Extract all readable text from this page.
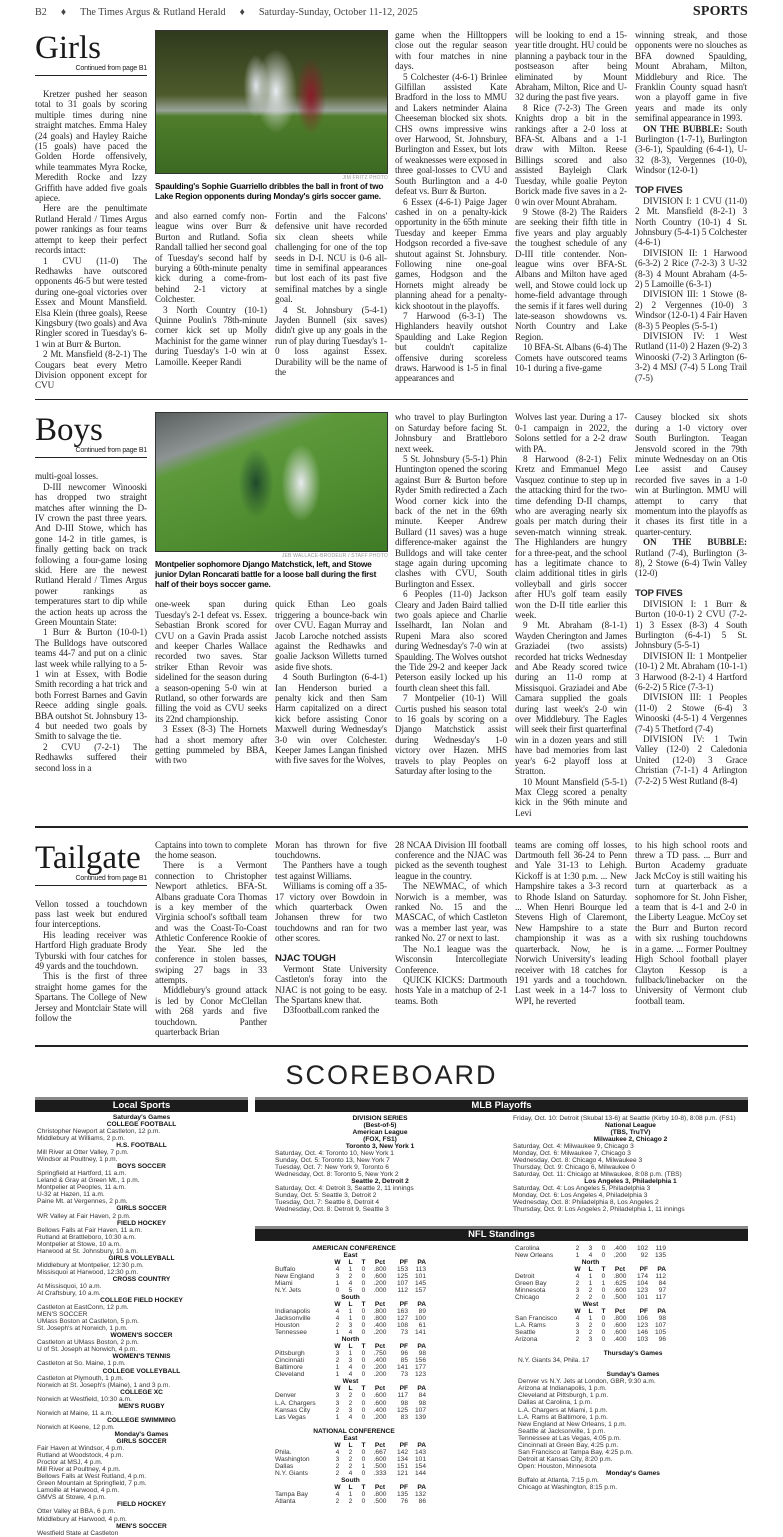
B2 ♦ The Times Argus & Rutland Herald ♦ Saturday-Sunday, October 11-12, 2025	SPORTS
Girls
Continued from page B1

Kretzer pushed her season total to 31 goals by scoring multiple times during nine straight matches. Emma Haley (24 goals) and Hayley Raiche (15 goals) have paced the Golden Horde offensively, while teammates Myra Rocke, Meredith Rocke and Izzy Griffith have added five goals apiece.

Here are the penultimate Rutland Herald / Times Argus power rankings as four teams attempt to keep their perfect records intact:

1 CVU (11-0) The Redhawks have outscored opponents 46-5 but were tested during one-goal victories over Essex and Mount Mansfield. Elsa Klein (three goals), Reese Kingsbury (two goals) and Ava Ringler scored in Tuesday's 6-1 win at Burr & Burton.

2 Mt. Mansfield (8-2-1) The Cougars beat every Metro Division opponent except for CVU

JIM FRITZ PHOTO
Spaulding's Sophie Guarriello dribbles the ball in front of two Lake Region opponents during Monday's girls soccer game.

and also earned comfy non-league wins over Burr & Burton and Rutland. Sofia Randall tallied her second goal of Tuesday's second half by burying a 60th-minute penalty kick during a come-from-behind 2-1 victory at Colchester.

3 North Country (10-1) Quinne Poulin's 78th-minute corner kick set up Molly Machinist for the game winner during Tuesday's 1-0 win at Lamoille. Keeper Randi

Fortin and the Falcons' defensive unit have recorded six clean sheets while challenging for one of the top seeds in D-I. NCU is 0-6 all-time in semifinal appearances but lost each of its past five semifinal matches by a single goal.

4 St. Johnsbury (5-4-1) Jayden Bunnell (six saves) didn't give up any goals in the run of play during Tuesday's 1-0 loss against Essex. Durability will be the name of the

game when the Hilltoppers close out the regular season with four matches in nine days.

5 Colchester (4-6-1) Brinlee Gilfillan assisted Kate Bradford in the loss to MMU and Lakers netminder Alaina Cheeseman blocked six shots. CHS owns impressive wins over Harwood, St. Johnsbury, Burlington and Essex, but lots of weaknesses were exposed in three goal-losses to CVU and South Burlington and a 4-0 defeat vs. Burr & Burton.

6 Essex (4-6-1) Paige Jager cashed in on a penalty-kick opportunity in the 65th minute Tuesday and keeper Emma Hodgson recorded a five-save shutout against St. Johnsbury. Following nine one-goal games, Hodgson and the Hornets might already be planning ahead for a penalty-kick shootout in the playoffs.

7 Harwood (6-3-1) The Highlanders heavily outshot Spaulding and Lake Region but couldn't capitalize offensive during scoreless draws. Harwood is 1-5 in final appearances and

will be looking to end a 15-year title drought. HU could be planning a payback tour in the postseason after being eliminated by Mount Abraham, Milton, Rice and U-32 during the past five years.

8 Rice (7-2-3) The Green Knights drop a bit in the rankings after a 2-0 loss at BFA-St. Albans and a 1-1 draw with Milton. Reese Billings scored and also assisted Bayleigh Clark Tuesday, while goalie Peyton Borick made five saves in a 2-0 win over Mount Abraham.

9 Stowe (8-2) The Raiders are seeking their fifth title in five years and play arguably the toughest schedule of any D-III title contender. Non-league wins over BFA-St. Albans and Milton have aged well, and Stowe could lock up home-field advantage through the semis if it fares well during late-season showdowns vs. North Country and Lake Region.

10 BFA-St. Albans (6-4) The Comets have outscored teams 10-1 during a five-game

winning streak, and those opponents were no slouches as BFA downed Spaulding, Mount Abraham, Milton, Middlebury and Rice. The Franklin County squad hasn't won a playoff game in five years and made its only semifinal appearance in 1993.

ON THE BUBBLE: South Burlington (1-7-1), Burlington (3-6-1), Spaulding (6-4-1), U-32 (8-3), Vergennes (10-0), Windsor (12-0-1)

TOP FIVES

DIVISION I: 1 CVU (11-0) 2 Mt. Mansfield (8-2-1) 3 North Country (10-1) 4 St. Johnsbury (5-4-1) 5 Colchester (4-6-1)

DIVISION II: 1 Harwood (6-3-2) 2 Rice (7-2-3) 3 U-32 (8-3) 4 Mount Abraham (4-5-2) 5 Lamoille (6-3-1)

DIVISION III: 1 Stowe (8-2) 2 Vergennes (10-0) 3 Windsor (12-0-1) 4 Fair Haven (8-3) 5 Peoples (5-5-1)

DIVISION IV: 1 West Rutland (11-0) 2 Hazen (9-2) 3 Winooski (7-2) 3 Arlington (6-3-2) 4 MSJ (7-4) 5 Long Trail (7-5)

Boys
Continued from page B1

multi-goal losses.

D-III newcomer Winooski has dropped two straight matches after winning the D-IV crown the past three years. And D-III Stowe, which has gone 14-2 in title games, is finally getting back on track following a four-game losing skid. Here are the newest Rutland Herald / Times Argus power rankings as temperatures start to dip while the action heats up across the Green Mountain State:

1 Burr & Burton (10-0-1) The Bulldogs have outscored teams 44-7 and put on a clinic last week while rallying to a 5-1 win at Essex, with Bodie Smith recording a hat trick and both Forrest Barnes and Gavin Reece adding single goals. BBA outshot St. Johnsbury 13-4 but needed two goals by Smith to salvage the tie.

2 CVU (7-2-1) The Redhawks suffered their second loss in a

JEB WALLACE-BRODEUR / STAFF PHOTO
Montpelier sophomore Django Matchstick, left, and Stowe junior Dylan Roncarati battle for a loose ball during the first half of their boys soccer game.

one-week span during Tuesday's 2-1 defeat vs. Essex. Sebastian Bronk scored for CVU on a Gavin Prada assist and keeper Charles Wallace recorded two saves. Star striker Ethan Revoir was sidelined for the season during a season-opening 5-0 win at Rutland, so other forwards are filling the void as CVU seeks its 22nd championship.

3 Essex (8-3) The Hornets had a short memory after getting pummeled by BBA, with two

quick Ethan Leo goals triggering a bounce-back win over CVU. Eagan Murray and Jacob Laroche notched assists against the Redhawks and goalie Jackson Willetts turned aside five shots.

4 South Burlington (6-4-1) Ian Henderson buried a penalty kick and then Sam Harm capitalized on a direct kick before assisting Conor Maxwell during Wednesday's 3-0 win over Colchester. Keeper James Langan finished with five saves for the Wolves,

who travel to play Burlington on Saturday before facing St. Johnsbury and Brattleboro next week.

5 St. Johnsbury (5-5-1) Phin Huntington opened the scoring against Burr & Burton before Ryder Smith redirected a Zach Wood corner kick into the back of the net in the 69th minute. Keeper Andrew Bullard (11 saves) was a huge difference-maker against the Bulldogs and will take center stage again during upcoming clashes with CVU, South Burlington and Essex.

6 Peoples (11-0) Jackson Cleary and Jaden Baird tallied two goals apiece and Charlie Isselhardt, Ian Nolan and Rupeni Mara also scored during Wednesday's 7-0 win at Spaulding. The Wolves outshot the Tide 29-2 and keeper Jack Peterson easily locked up his fourth clean sheet this fall.

7 Montpelier (10-1) Will Curtis pushed his season total to 16 goals by scoring on a Django Matchstick assist during Wednesday's 1-0 victory over Hazen. MHS travels to play Peoples on Saturday after losing to the

Wolves last year. During a 17-0-1 campaign in 2022, the Solons settled for a 2-2 draw with PA.

8 Harwood (8-2-1) Felix Kretz and Emmanuel Mego Vasquez continue to step up in the attacking third for the two-time defending D-II champs, who are averaging nearly six goals per match during their seven-match winning streak. The Highlanders are hungry for a three-peat, and the school has a legitimate chance to claim additional titles in girls volleyball and girls soccer after HU's golf team easily won the D-II title earlier this week.

9 Mt. Abraham (8-1-1) Wayden Cherington and James Graziadei (two assists) recorded hat tricks Wednesday and Abe Ready scored twice during an 11-0 romp at Missisquoi. Graziadei and Abe Camara supplied the goals during last week's 2-0 win over Middlebury. The Eagles will seek their first quarterfinal win in a dozen years and still have bad memories from last year's 6-2 playoff loss at Stratton.

10 Mount Mansfield (5-5-1) Max Clegg scored a penalty kick in the 96th minute and Levi

Causey blocked six shots during a 1-0 victory over South Burlington. Teagan Jensvold scored in the 79th minute Wednesday on an Otis Lee assist and Causey recorded five saves in a 1-0 win at Burlington. MMU will attempt to carry that momentum into the playoffs as it chases its first title in a quarter-century.

ON THE BUBBLE: Rutland (7-4), Burlington (3-8), 2 Stowe (6-4) Twin Valley (12-0)

TOP FIVES

DIVISION I: 1 Burr & Burton (10-0-1) 2 CVU (7-2-1) 3 Essex (8-3) 4 South Burlington (6-4-1) 5 St. Johnsbury (5-5-1)

DIVISION II: 1 Montpelier (10-1) 2 Mt. Abraham (10-1-1) 3 Harwood (8-2-1) 4 Hartford (6-2-2) 5 Rice (7-3-1)

DIVISION III: 1 Peoples (11-0) 2 Stowe (6-4) 3 Winooski (4-5-1) 4 Vergennes (7-4) 5 Thetford (7-4)

DIVISION IV: 1 Twin Valley (12-0) 2 Caledonia United (12-0) 3 Grace Christian (7-1-1) 4 Arlington (7-2-2) 5 West Rutland (8-4)

Tailgate
Continued from page B1

Vellon tossed a touchdown pass last week but endured four interceptions.

His leading receiver was Hartford High graduate Brody Tyburski with four catches for 49 yards and the touchdown.

This is the first of three straight home games for the Spartans. The College of New Jersey and Montclair State will follow the

Captains into town to complete the home season.

There is a Vermont connection to Christopher Newport athletics. BFA-St. Albans graduate Cora Thomas is a key member of the Virginia school's softball team and was the Coast-To-Coast Athletic Conference Rookie of the Year. She led the conference in stolen basses, swiping 27 bags in 33 attempts.

Middlebury's ground attack is led by Conor McClellan with 268 yards and five touchdown. Panther quarterback Brian

Moran has thrown for five touchdowns.

The Panthers have a tough test against Williams.

Williams is coming off a 35-17 victory over Bowdoin in which quarterback Owen Johansen threw for two touchdowns and ran for two other scores.

NJAC TOUGH

Vermont State University Castleton's foray into the NJAC is not going to be easy. The Spartans knew that.

D3football.com ranked the

28 NCAA Division III football conference and the NJAC was picked as the seventh toughest league in the country.

The NEWMAC, of which Norwich is a member, was ranked No. 15 and the MASCAC, of which Castleton was a member last year, was ranked No. 27 or next to last.

The No.1 league was the Wisconsin Intercollegiate Conference.

QUICK KICKS: Dartmouth hosts Yale in a matchup of 2-1 teams. Both

teams are coming off losses, Dartmouth fell 36-24 to Penn and Yale 31-13 to Lehigh. Kickoff is at 1:30 p.m. ... New Hampshire takes a 3-3 record to Rhode Island on Saturday. ... When Henri Bourque led Stevens High of Claremont, New Hampshire to a state championship it was as a quarterback. Now, he is Norwich University's leading receiver with 18 catches for 191 yards and a touchdown. Last week in a 14-7 loss to WPI, he reverted

to his high school roots and threw a TD pass. ... Burr and Burton Academy graduate Jack McCoy is still waiting his turn at quarterback as a sophomore for St. John Fisher, a team that is 4-1 and 2-0 in the Liberty League. McCoy set the Burr and Burton record with six rushing touchdowns in a game. ... Former Poultney High School football player Clayton Kessop is a fullback/linebacker on the University of Vermont club football team.

SCOREBOARD
Local Sports
Saturday's Games
COLLEGE FOOTBALL
Christopher Newport at Castleton, 12 p.m.
Middlebury at Williams, 2 p.m.
H.S. FOOTBALL
Mill River at Otter Valley, 7 p.m.
Windsor at Poultney, 1 p.m.
BOYS SOCCER
Springfield at Hartford, 11 a.m.
Leland & Gray at Green Mt., 1 p.m.
Montpelier at Peoples, 11 a.m.
U-32 at Hazen, 11 a.m.
Paine Mt. at Vergennes, 2 p.m.
GIRLS SOCCER
WR Valley at Fair Haven, 2 p.m.
FIELD HOCKEY
Bellows Falls at Fair Haven, 11 a.m.
Rutland at Brattleboro, 10:30 a.m.
Montpelier at Stowe, 10 a.m.
Harwood at St. Johnsbury, 10 a.m.
GIRLS VOLLEYBALL
Middlebury at Montpelier, 12:30 p.m.
Missisquoi at Harwood, 12:30 p.m.
CROSS COUNTRY
At Missisquoi, 10 a.m.
At Craftsbury, 10 a.m.
COLLEGE FIELD HOCKEY
Castleton at EastConn, 12 p.m.
MEN'S SOCCER
UMass Boston at Castleton, 5 p.m.
St. Joseph's at Norwich, 1 p.m.
WOMEN'S SOCCER
Castleton at UMass Boston, 2 p.m.
U of St. Joseph at Norwich, 4 p.m.
WOMEN'S TENNIS
Castleton at So. Maine, 1 p.m.
COLLEGE VOLLEYBALL
Castleton at Plymouth, 1 p.m.
Norwich at St. Joseph's (Maine), 1 and 3 p.m.
COLLEGE XC
Norwich at Westfield, 10:30 a.m.
MEN'S RUGBY
Norwich at Maine, 11 a.m.
COLLEGE SWIMMING
Norwich at Keene, 12 p.m.
Monday's Games
GIRLS SOCCER
Fair Haven at Windsor, 4 p.m.
Rutland at Woodstock, 4 p.m.
Proctor at MSJ, 4 p.m.
Mill River at Poultney, 4 p.m.
Bellows Falls at West Rutland, 4 p.m.
Green Mountain at Springfield, 7 p.m.
Lamoille at Harwood, 4 p.m.
GMVS at Stowe, 4 p.m.
FIELD HOCKEY
Otter Valley at BBA, 6 p.m.
Middlebury at Harwood, 4 p.m.
MEN'S SOCCER
Westfield State at Castleton
MLB Playoffs
DIVISION SERIES
(Best-of-5)
American League
(FOX, FS1)
Toronto 3, New York 1
Saturday, Oct. 4: Toronto 10, New York 1
Sunday, Oct. 5: Toronto 13, New York 7
Tuesday, Oct. 7: New York 9, Toronto 6
Wednesday, Oct. 8: Toronto 5, New York 2
Seattle 2, Detroit 2
Saturday, Oct. 4: Detroit 3, Seattle 2, 11 innings
Sunday, Oct. 5: Seattle 3, Detroit 2
Tuesday, Oct. 7: Seattle 8, Detroit 4
Wednesday, Oct. 8: Detroit 9, Seattle 3
Friday, Oct. 10: Detroit (Skubal 13-6) at Seattle (Kirby 10-8), 8:08 p.m. (FS1)
National League
(TBS, TruTV)
Milwaukee 2, Chicago 2
Saturday, Oct. 4: Milwaukee 9, Chicago 3
Monday, Oct. 6: Milwaukee 7, Chicago 3
Wednesday, Oct. 8: Chicago 4, Milwaukee 3
Thursday, Oct. 9: Chicago 6, Milwaukee 0
Saturday, Oct. 11: Chicago at Milwaukee, 8:08 p.m. (TBS)
Los Angeles 3, Philadelphia 1
Saturday, Oct. 4: Los Angeles 5, Philadelphia 3
Monday, Oct. 6: Los Angeles 4, Philadelphia 3
Wednesday, Oct. 8: Philadelphia 8, Los Angeles 2
Thursday, Oct. 9: Los Angeles 2, Philadelphia 1, 11 innings
NFL Standings
AMERICAN CONFERENCE
East						
	W	L	T	Pct	PF	PA
Buffalo	4	1	0	.800	153	113
New England	3	2	0	.600	125	101
Miami	1	4	0	.200	107	145
N.Y. Jets	0	5	0	.000	112	157
South						
	W	L	T	Pct	PF	PA
Indianapolis	4	1	0	.800	163	89
Jacksonville	4	1	0	.800	127	100
Houston	2	3	0	.400	108	61
Tennessee	1	4	0	.200	73	141
North						
	W	L	T	Pct	PF	PA
Pittsburgh	3	1	0	.750	96	98
Cincinnati	2	3	0	.400	85	156
Baltimore	1	4	0	.200	141	177
Cleveland	1	4	0	.200	73	123
West						
	W	L	T	Pct	PF	PA
Denver	3	2	0	.600	117	84
L.A. Chargers	3	2	0	.600	98	98
Kansas City	2	3	0	.400	125	107
Las Vegas	1	4	0	.200	83	139
NATIONAL CONFERENCE
East						
	W	L	T	Pct	PF	PA
Phila.	4	2	0	.667	142	143
Washington	3	2	0	.600	134	101
Dallas	2	2	1	.500	151	154
N.Y. Giants	2	4	0	.333	121	144
South						
	W	L	T	Pct	PF	PA
Tampa Bay	4	1	0	.800	135	132
Atlanta	2	2	0	.500	76	86
Carolina	2	3	0	.400	102	119
New Orleans	1	4	0	.200	92	135
North						
	W	L	T	Pct	PF	PA
Detroit	4	1	0	.800	174	112
Green Bay	2	1	1	.625	104	84
Minnesota	3	2	0	.600	123	97
Chicago	2	2	0	.500	101	117
West						
	W	L	T	Pct	PF	PA
San Francisco	4	1	0	.800	106	98
L.A. Rams	3	2	0	.600	123	107
Seattle	3	2	0	.600	146	105
Arizona	2	3	0	.400	103	96
Thursday's Games
N.Y. Giants 34, Phila. 17

Sunday's Games
Denver vs N.Y. Jets at London, GBR, 9:30 a.m.
Arizona at Indianapolis, 1 p.m.
Cleveland at Pittsburgh, 1 p.m.
Dallas at Carolina, 1 p.m.
L.A. Chargers at Miami, 1 p.m.
L.A. Rams at Baltimore, 1 p.m.
New England at New Orleans, 1 p.m.
Seattle at Jacksonville, 1 p.m.
Tennessee at Las Vegas, 4:05 p.m.
Cincinnati at Green Bay, 4:25 p.m.
San Francisco at Tampa Bay, 4:25 p.m.
Detroit at Kansas City, 8:20 p.m.
Open: Houston, Minnesota
Monday's Games
Buffalo at Atlanta, 7:15 p.m.
Chicago at Washington, 8:15 p.m.
